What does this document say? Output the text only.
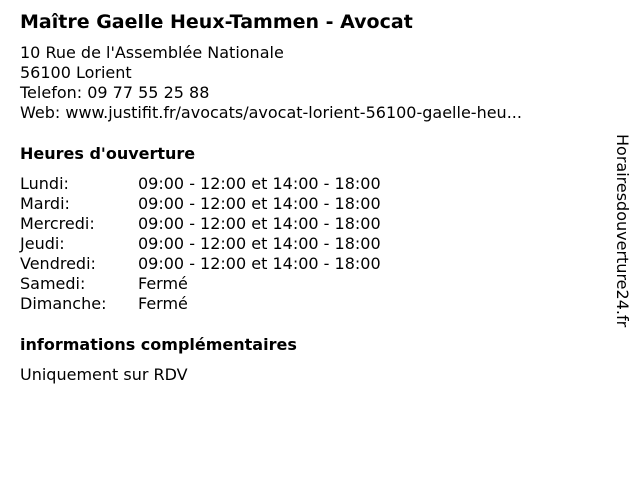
Maître Gaelle Heux-Tammen - Avocat
10 Rue de l'Assemblée Nationale
56100 Lorient
Telefon: 09 77 55 25 88
Web: www.justifit.fr/avocats/avocat-lorient-56100-gaelle-heu...
Heures d'ouverture
Lundi:	09:00 - 12:00 et 14:00 - 18:00
Mardi:	09:00 - 12:00 et 14:00 - 18:00
Mercredi:	09:00 - 12:00 et 14:00 - 18:00
Jeudi:	09:00 - 12:00 et 14:00 - 18:00
Vendredi:	09:00 - 12:00 et 14:00 - 18:00
Samedi:	Fermé
Dimanche:	Fermé
informations complémentaires
Uniquement sur RDV
Horairesdouverture24.fr
